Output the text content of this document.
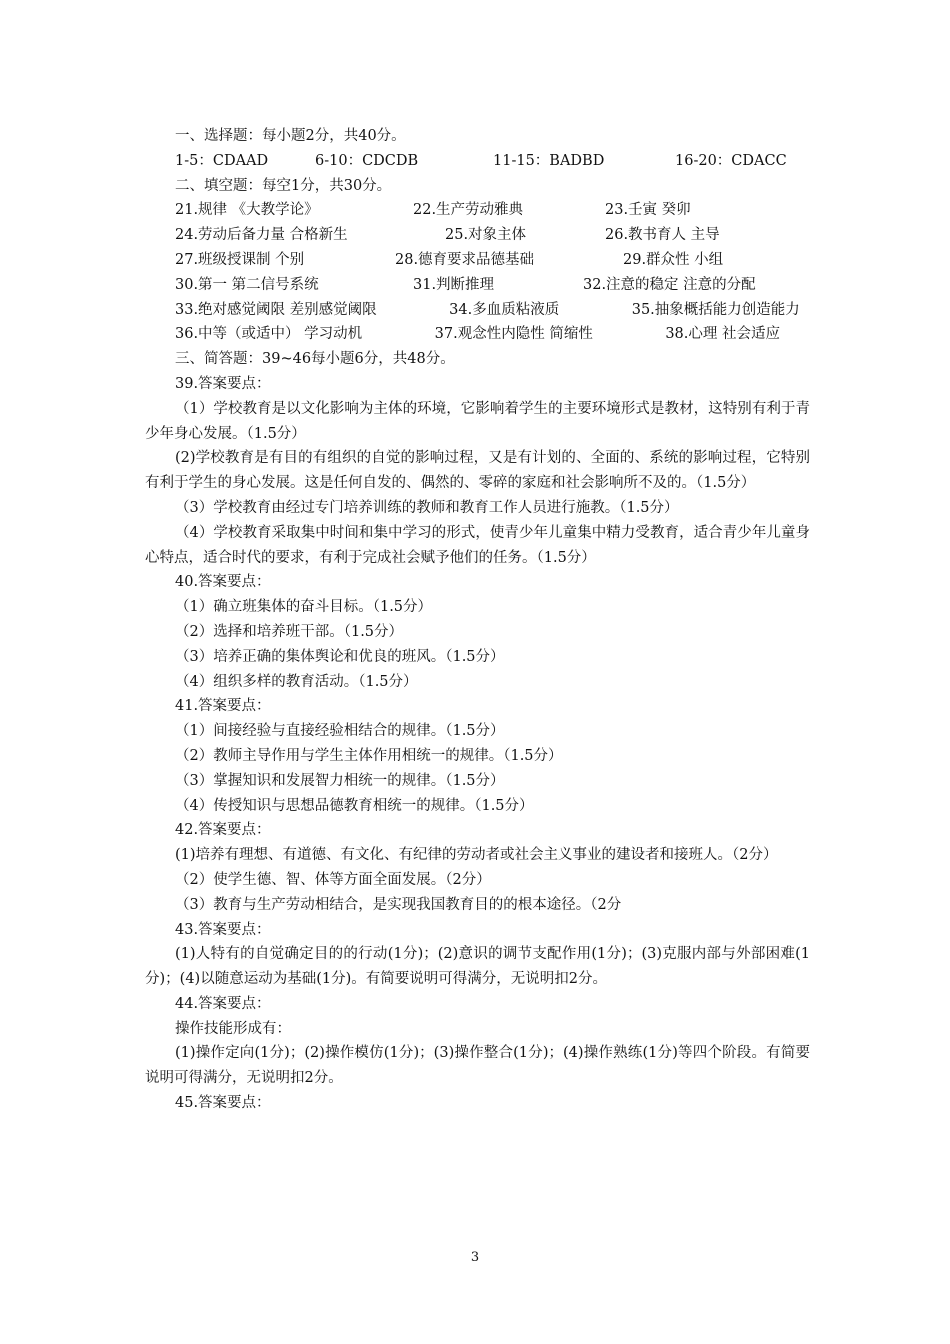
一、选择题：每小题2分，共40分。
1-5：CDAAD	6-10：CDCDB	11-15：BADBD	16-20：CDACC
二、填空题：每空1分，共30分。
21.规律 《大教学论》	22.生产劳动雅典	23.壬寅 癸卯
24.劳动后备力量 合格新生	25.对象主体	26.教书育人 主导
27.班级授课制 个别	28.德育要求品德基础	29.群众性 小组
30.第一 第二信号系统	31.判断推理	32.注意的稳定 注意的分配
33.绝对感觉阈限 差别感觉阈限　　　　　34.多血质粘液质　　　　　35.抽象概括能力创造能力
36.中等（或适中） 学习动机　　　　　37.观念性内隐性 简缩性　　　　　38.心理 社会适应
三、简答题：39~46每小题6分，共48分。
39.答案要点：
（1）学校教育是以文化影响为主体的环境，它影响着学生的主要环境形式是教材，这特别有利于青少年身心发展。（1.5分）
(2)学校教育是有目的有组织的自觉的影响过程，又是有计划的、全面的、系统的影响过程，它特别有利于学生的身心发展。这是任何自发的、偶然的、零碎的家庭和社会影响所不及的。（1.5分）
（3）学校教育由经过专门培养训练的教师和教育工作人员进行施教。（1.5分）
（4）学校教育采取集中时间和集中学习的形式，使青少年儿童集中精力受教育，适合青少年儿童身心特点，适合时代的要求，有利于完成社会赋予他们的任务。（1.5分）
40.答案要点：
（1）确立班集体的奋斗目标。（1.5分）
（2）选择和培养班干部。（1.5分）
（3）培养正确的集体舆论和优良的班风。（1.5分）
（4）组织多样的教育活动。（1.5分）
41.答案要点：
（1）间接经验与直接经验相结合的规律。（1.5分）
（2）教师主导作用与学生主体作用相统一的规律。（1.5分）
（3）掌握知识和发展智力相统一的规律。（1.5分）
（4）传授知识与思想品德教育相统一的规律。（1.5分）
42.答案要点：
(1)培养有理想、有道德、有文化、有纪律的劳动者或社会主义事业的建设者和接班人。（2分）
（2）使学生德、智、体等方面全面发展。（2分）
（3）教育与生产劳动相结合，是实现我国教育目的的根本途径。（2分
43.答案要点：
(1)人特有的自觉确定目的的行动(1分)；(2)意识的调节支配作用(1分)；(3)克服内部与外部困难(1分)；(4)以随意运动为基础(1分)。有简要说明可得满分，无说明扣2分。
44.答案要点：
操作技能形成有：
(1)操作定向(1分)；(2)操作模仿(1分)；(3)操作整合(1分)；(4)操作熟练(1分)等四个阶段。有简要说明可得满分，无说明扣2分。
45.答案要点：
3
